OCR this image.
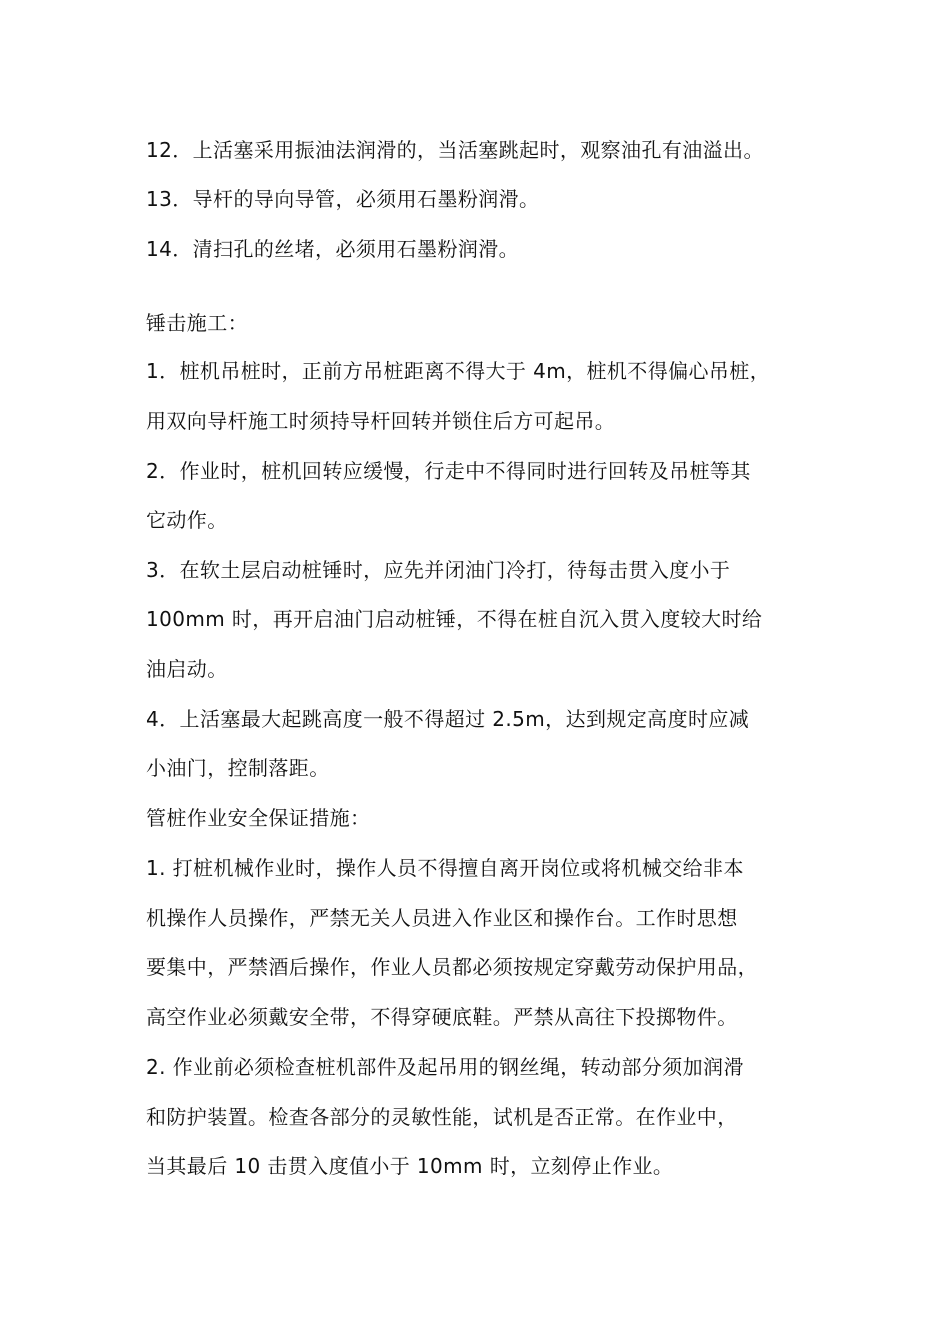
12．上活塞采用振油法润滑的，当活塞跳起时，观察油孔有油溢出。
13．导杆的导向导管，必须用石墨粉润滑。
14．清扫孔的丝堵，必须用石墨粉润滑。
锤击施工：
1．桩机吊桩时，正前方吊桩距离不得大于 4m，桩机不得偏心吊桩，
用双向导杆施工时须持导杆回转并锁住后方可起吊。
2．作业时，桩机回转应缓慢，行走中不得同时进行回转及吊桩等其
它动作。
3．在软土层启动桩锤时，应先并闭油门冷打，待每击贯入度小于
100mm 时，再开启油门启动桩锤，不得在桩自沉入贯入度较大时给
油启动。
4．上活塞最大起跳高度一般不得超过 2.5m，达到规定高度时应减
小油门，控制落距。
管桩作业安全保证措施：
1. 打桩机械作业时，操作人员不得擅自离开岗位或将机械交给非本
机操作人员操作，严禁无关人员进入作业区和操作台。工作时思想
要集中，严禁酒后操作，作业人员都必须按规定穿戴劳动保护用品，
高空作业必须戴安全带，不得穿硬底鞋。严禁从高往下投掷物件。
2. 作业前必须检查桩机部件及起吊用的钢丝绳，转动部分须加润滑
和防护装置。检查各部分的灵敏性能，试机是否正常。在作业中，
当其最后 10 击贯入度值小于 10mm 时，立刻停止作业。
